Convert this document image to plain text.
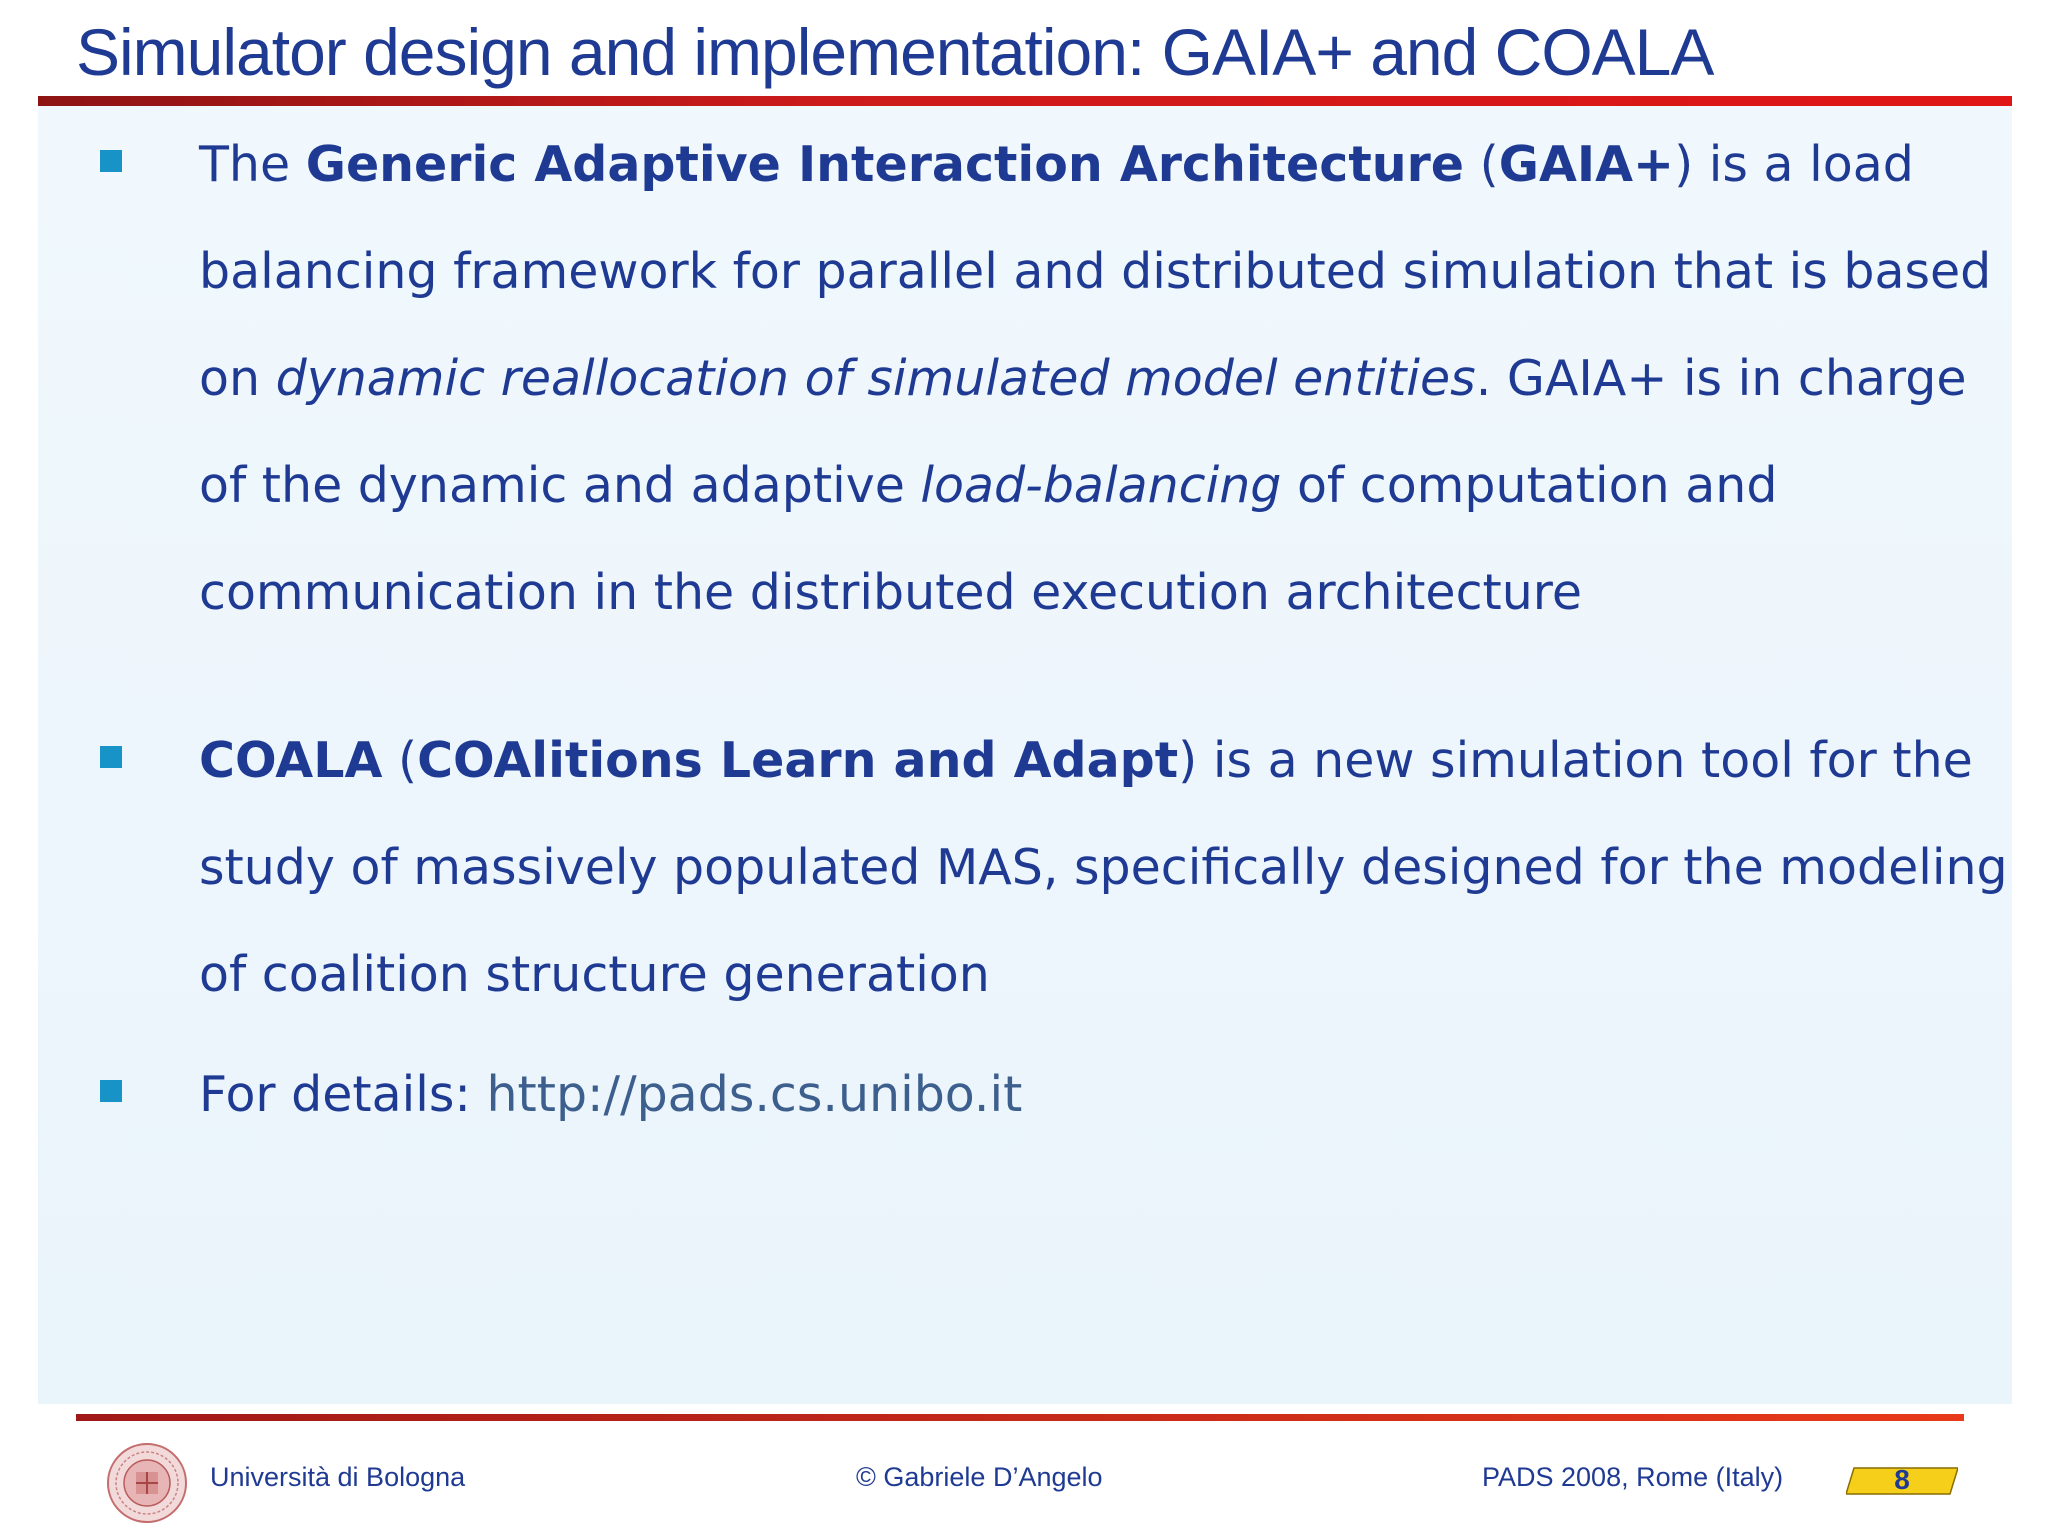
Simulator design and implementation: GAIA+ and COALA

The Generic Adaptive Interaction Architecture (GAIA+) is a load balancing framework for parallel and distributed simulation that is based on dynamic reallocation of simulated model entities. GAIA+ is in charge of the dynamic and adaptive load-balancing of computation and communication in the distributed execution architecture

COALA (COAlitions Learn and Adapt) is a new simulation tool for the study of massively populated MAS, specifically designed for the modeling of coalition structure generation

For details: http://pads.cs.unibo.it

Università di Bologna	© Gabriele D’Angelo	PADS 2008, Rome (Italy)	8
